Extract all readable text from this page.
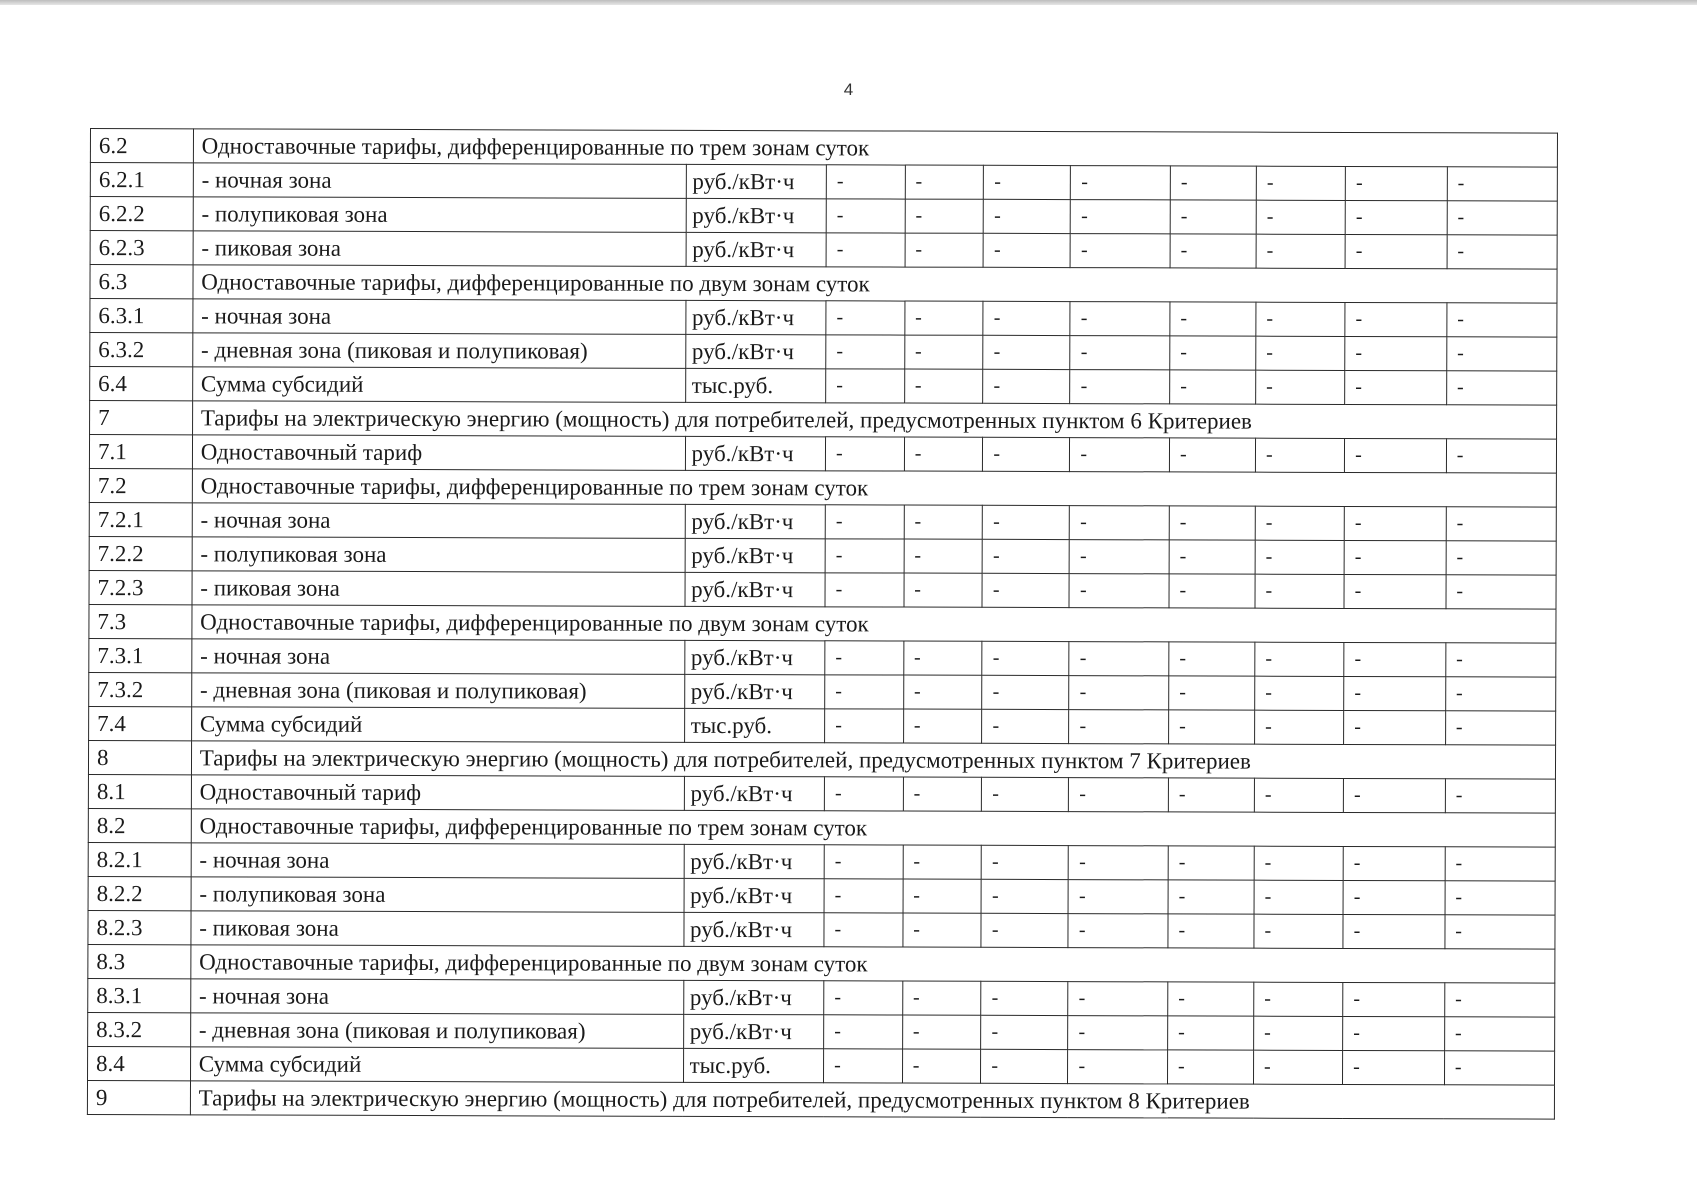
4
6.2	Одноставочные тарифы, дифференцированные по трем зонам суток									
6.2.1	- ночная зона	руб./кВт·ч	-	-	-	-	-	-	-	-
6.2.2	- полупиковая зона	руб./кВт·ч	-	-	-	-	-	-	-	-
6.2.3	- пиковая зона	руб./кВт·ч	-	-	-	-	-	-	-	-
6.3	Одноставочные тарифы, дифференцированные по двум зонам суток									
6.3.1	- ночная зона	руб./кВт·ч	-	-	-	-	-	-	-	-
6.3.2	- дневная зона (пиковая и полупиковая)	руб./кВт·ч	-	-	-	-	-	-	-	-
6.4	Сумма субсидий	тыс.руб.	-	-	-	-	-	-	-	-
7	Тарифы на электрическую энергию (мощность) для потребителей, предусмотренных пунктом 6 Критериев									
7.1	Одноставочный тариф	руб./кВт·ч	-	-	-	-	-	-	-	-
7.2	Одноставочные тарифы, дифференцированные по трем зонам суток									
7.2.1	- ночная зона	руб./кВт·ч	-	-	-	-	-	-	-	-
7.2.2	- полупиковая зона	руб./кВт·ч	-	-	-	-	-	-	-	-
7.2.3	- пиковая зона	руб./кВт·ч	-	-	-	-	-	-	-	-
7.3	Одноставочные тарифы, дифференцированные по двум зонам суток									
7.3.1	- ночная зона	руб./кВт·ч	-	-	-	-	-	-	-	-
7.3.2	- дневная зона (пиковая и полупиковая)	руб./кВт·ч	-	-	-	-	-	-	-	-
7.4	Сумма субсидий	тыс.руб.	-	-	-	-	-	-	-	-
8	Тарифы на электрическую энергию (мощность) для потребителей, предусмотренных пунктом 7 Критериев									
8.1	Одноставочный тариф	руб./кВт·ч	-	-	-	-	-	-	-	-
8.2	Одноставочные тарифы, дифференцированные по трем зонам суток									
8.2.1	- ночная зона	руб./кВт·ч	-	-	-	-	-	-	-	-
8.2.2	- полупиковая зона	руб./кВт·ч	-	-	-	-	-	-	-	-
8.2.3	- пиковая зона	руб./кВт·ч	-	-	-	-	-	-	-	-
8.3	Одноставочные тарифы, дифференцированные по двум зонам суток									
8.3.1	- ночная зона	руб./кВт·ч	-	-	-	-	-	-	-	-
8.3.2	- дневная зона (пиковая и полупиковая)	руб./кВт·ч	-	-	-	-	-	-	-	-
8.4	Сумма субсидий	тыс.руб.	-	-	-	-	-	-	-	-
9	Тарифы на электрическую энергию (мощность) для потребителей, предусмотренных пунктом 8 Критериев									
